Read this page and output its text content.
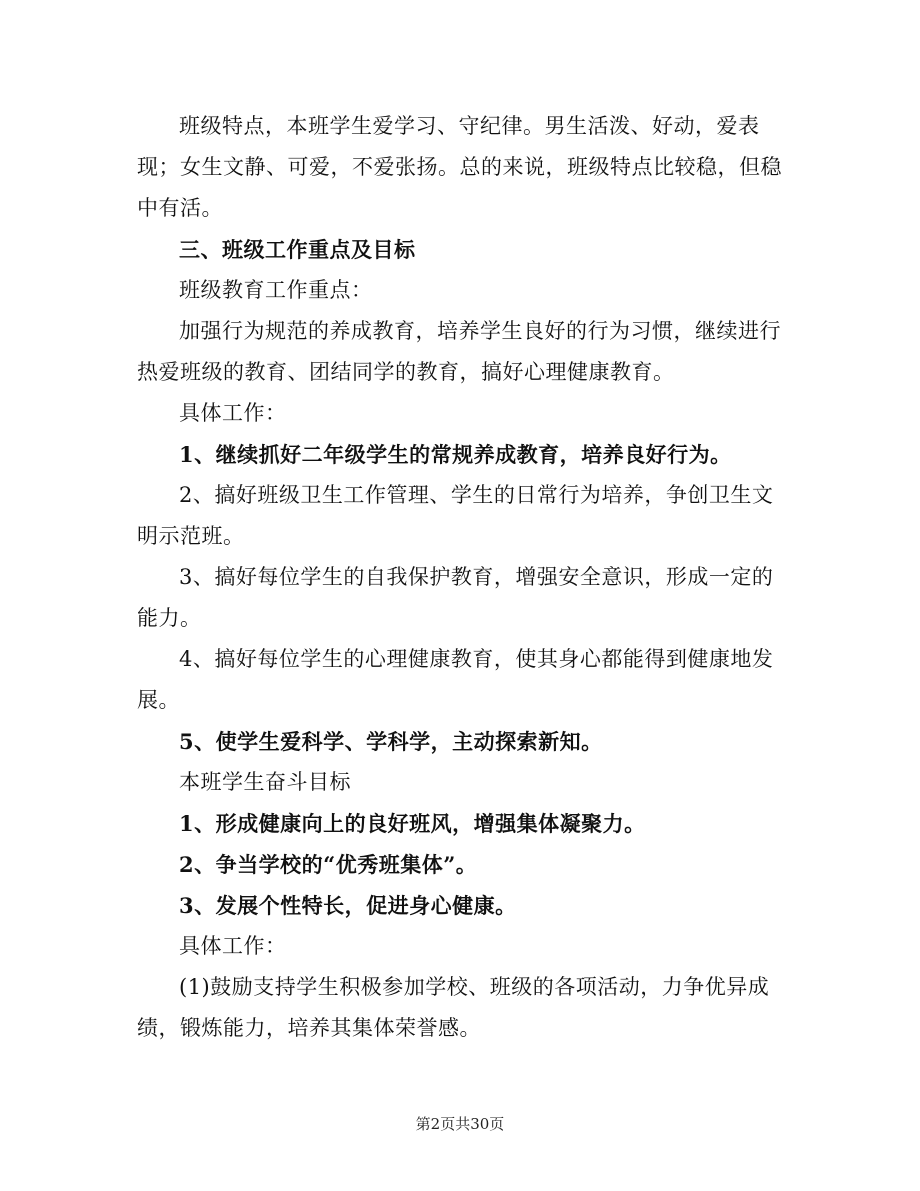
班级特点，本班学生爱学习、守纪律。男生活泼、好动，爱表现；女生文静、可爱，不爱张扬。总的来说，班级特点比较稳，但稳中有活。

三、班级工作重点及目标

班级教育工作重点：

加强行为规范的养成教育，培养学生良好的行为习惯，继续进行热爱班级的教育、团结同学的教育，搞好心理健康教育。

具体工作：

1、继续抓好二年级学生的常规养成教育，培养良好行为。

2、搞好班级卫生工作管理、学生的日常行为培养，争创卫生文明示范班。

3、搞好每位学生的自我保护教育，增强安全意识，形成一定的能力。

4、搞好每位学生的心理健康教育，使其身心都能得到健康地发展。

5、使学生爱科学、学科学，主动探索新知。

本班学生奋斗目标

1、形成健康向上的良好班风，增强集体凝聚力。

2、争当学校的“优秀班集体”。

3、发展个性特长，促进身心健康。

具体工作：

(1)鼓励支持学生积极参加学校、班级的各项活动，力争优异成绩，锻炼能力，培养其集体荣誉感。

第2页共30页
